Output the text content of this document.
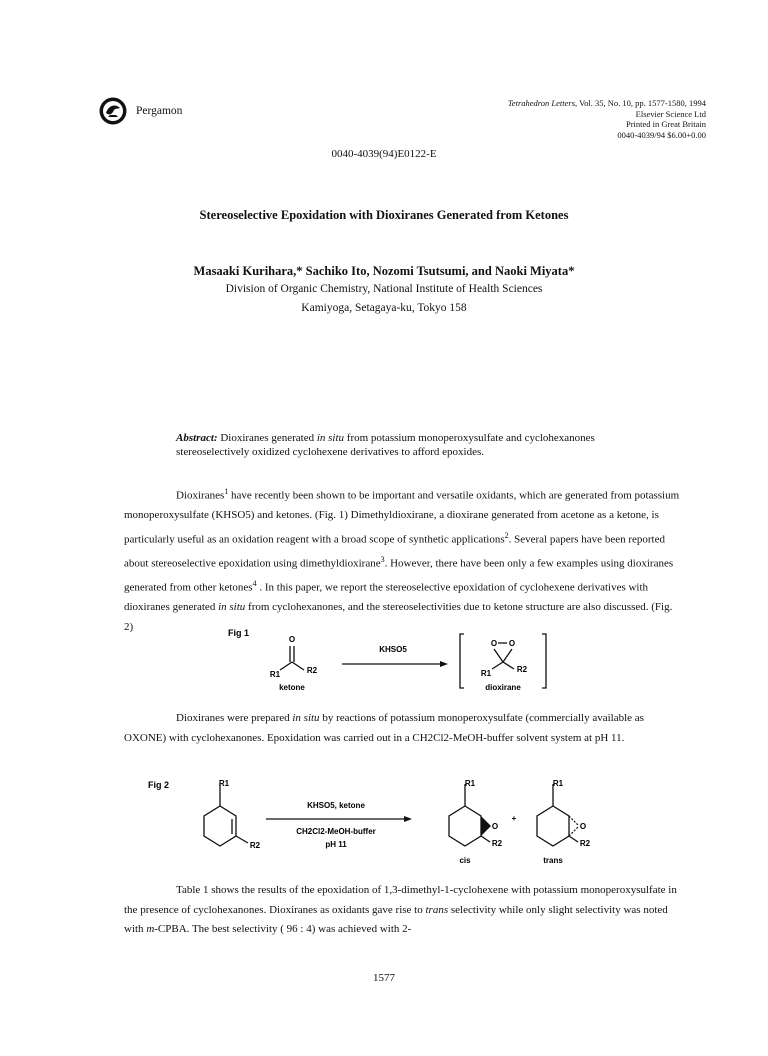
Pergamon
Tetrahedron Letters, Vol. 35, No. 10, pp. 1577-1580, 1994
Elsevier Science Ltd
Printed in Great Britain
0040-4039/94 $6.00+0.00
0040-4039(94)E0122-E
Stereoselective Epoxidation with Dioxiranes Generated from Ketones
Masaaki Kurihara,* Sachiko Ito, Nozomi Tsutsumi, and Naoki Miyata*
Division of Organic Chemistry, National Institute of Health Sciences
Kamiyoga, Setagaya-ku, Tokyo 158
Abstract: Dioxiranes generated in situ from potassium monoperoxysulfate and cyclohexanones stereoselectively oxidized cyclohexene derivatives to afford epoxides.

Dioxiranes$^1$ have recently been shown to be important and versatile oxidants, which are generated from potassium monoperoxysulfate (KHSO5) and ketones. (Fig. 1) Dimethyldioxirane, a dioxirane generated from acetone as a ketone, is particularly useful as an oxidation reagent with a broad scope of synthetic applications$^2$. Several papers have been reported about stereoselective epoxidation using dimethyldioxirane$^3$. However, there have been only a few examples using dioxiranes generated from other ketones$^4$ . In this paper, we report the stereoselective epoxidation of cyclohexene derivatives with dioxiranes generated in situ from cyclohexanones, and the stereoselectivities due to ketone structure are also discussed. (Fig. 2)

Fig 1
O
R1	R2
ketone
KHSO5
O O
R1	R2
dioxirane

Dioxiranes were prepared in situ by reactions of potassium monoperoxysulfate (commercially available as OXONE) with cyclohexanones. Epoxidation was carried out in a CH2Cl2-MeOH-buffer solvent system at pH 11.

Fig 2	R1
R2
KHSO5, ketone
CH2Cl2-MeOH-buffer
pH 11
R1
O
R2
cis
+
R1
O
R2
trans

Table 1 shows the results of the epoxidation of 1,3-dimethyl-1-cyclohexene with potassium monoperoxysulfate in the presence of cyclohexanones. Dioxiranes as oxidants gave rise to trans selectivity while only slight selectivity was noted with m-CPBA. The best selectivity ( 96 : 4) was achieved with 2-

1577
